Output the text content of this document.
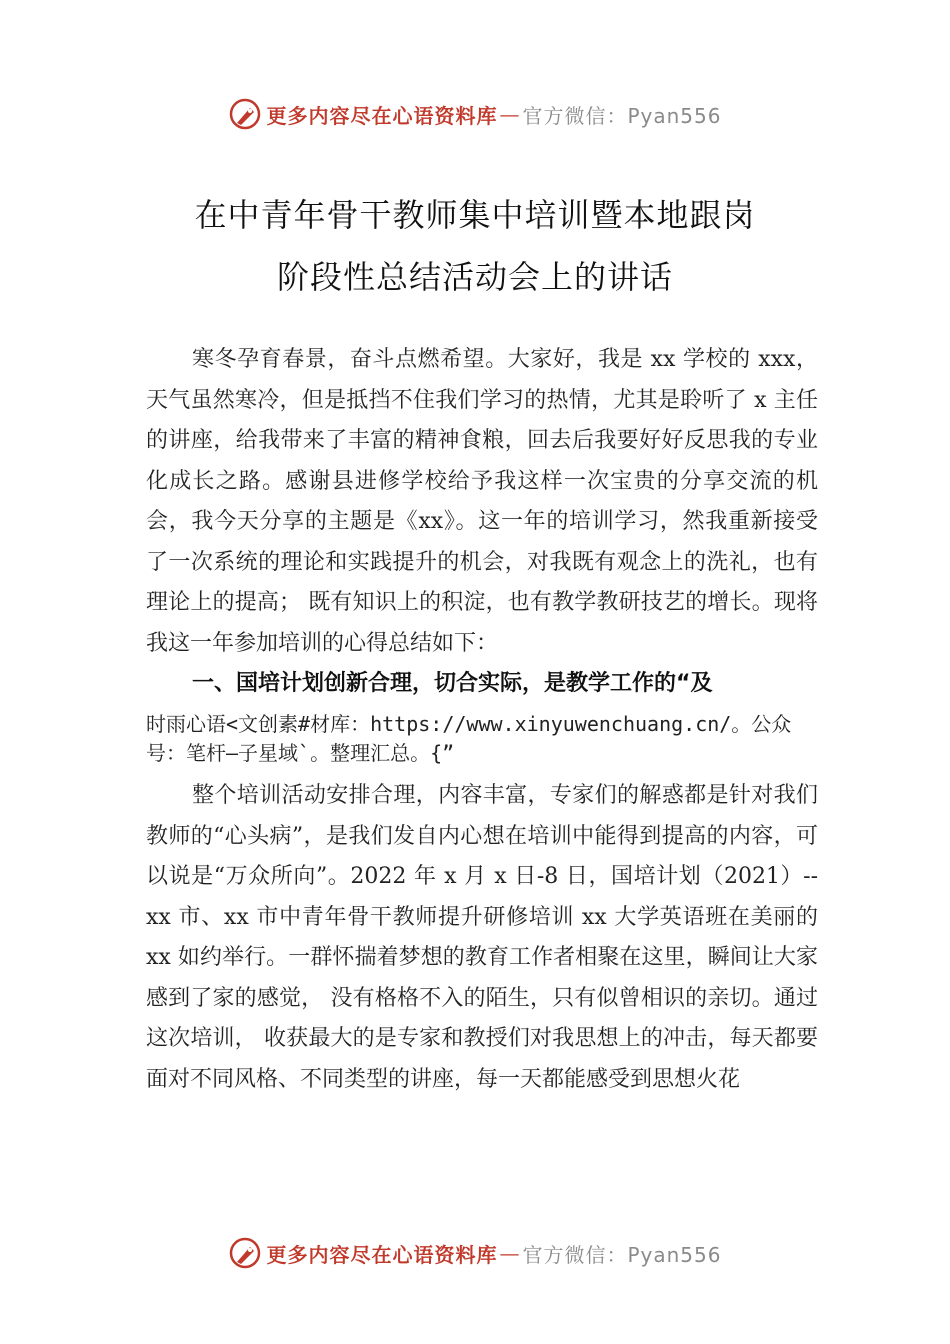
更多内容尽在心语资料库 — 官方微信：Pyan556
在中青年骨干教师集中培训暨本地跟岗
阶段性总结活动会上的讲话

寒冬孕育春景，奋斗点燃希望。大家好，我是 xx 学校的 xxx，天气虽然寒冷，但是抵挡不住我们学习的热情，尤其是聆听了 x 主任的讲座，给我带来了丰富的精神食粮，回去后我要好好反思我的专业化成长之路。感谢县进修学校给予我这样一次宝贵的分享交流的机会，我今天分享的主题是《xx》。这一年的培训学习，然我重新接受了一次系统的理论和实践提升的机会，对我既有观念上的洗礼，也有理论上的提高； 既有知识上的积淀，也有教学教研技艺的增长。现将我这一年参加培训的心得总结如下：

一、国培计划创新合理，切合实际，是教学工作的“及

时雨心语<文创素#材库：https://www.xinyuwenchuang.cn/。公众号：笔杆—子星域`。整理汇总。{”

整个培训活动安排合理，内容丰富，专家们的解惑都是针对我们教师的“心头病”，是我们发自内心想在培训中能得到提高的内容，可以说是“万众所向”。2022 年 x 月 x 日-8 日，国培计划（2021）--xx 市、xx 市中青年骨干教师提升研修培训 xx 大学英语班在美丽的 xx 如约举行。一群怀揣着梦想的教育工作者相聚在这里，瞬间让大家感到了家的感觉， 没有格格不入的陌生，只有似曾相识的亲切。通过这次培训， 收获最大的是专家和教授们对我思想上的冲击，每天都要面对不同风格、不同类型的讲座，每一天都能感受到思想火花

更多内容尽在心语资料库 — 官方微信：Pyan556
